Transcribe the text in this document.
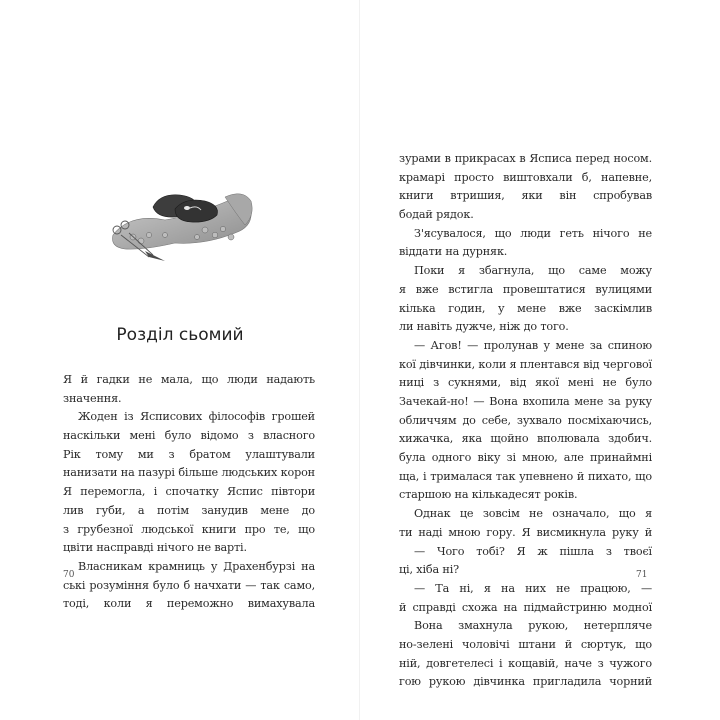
Розділ сьомий
Я й гадки не мала, що люди надають
значення.
Жоден із Ясписових філософів грошей
наскільки мені було відомо з власного
Рік тому ми з братом улаштували
нанизати на пазурі більше людських корон
Я перемогла, і спочатку Яспис півтори
лив губи, а потім занудив мене до
з грубезної людської книги про те, що
цвіти насправді нічого не варті.
Власникам крамниць у Драхенбурзі на
ські розуміння було б начхати — так само,
тоді, коли я переможно вимахувала
70	71
зурами в прикрасах в Ясписа перед носом.
крамарі просто виштовхали б, напевне,
книги втришия, яки він спробував
бодай рядок.
З'ясувалося, що люди геть нічого не
віддати на дурняк.
Поки я збагнула, що саме можу
я вже встигла провештатися вулицями
кілька годин, у мене вже заскімлив
ли навіть дужче, ніж до того.
— Агов! — пролунав у мене за спиною
кої дівчинки, коли я плентався від чергової
ниці з сукнями, від якої мені не було
Зачекай-но! — Вона вхопила мене за руку
обличчям до себе, зухвало посміхаючись,
хижачка, яка щойно вполювала здобич.
була одного віку зі мною, але принаймні
ща, і трималася так упевнено й пихато, що
старшою на кількадесят років.
Однак це зовсім не означало, що я
ти наді мною гору. Я висмикнула руку й
— Чого тобі? Я ж пішла з твоєї
ці, хіба ні?
— Та ні, я на них не працюю, —
й справді схожа на підмайстриню модної
Вона змахнула рукою, нетерпляче
но-зелені чоловічі штани й сюртук, що
ній, довгетелесі і кощавій, наче з чужого
гою рукою дівчинка пригладила чорний
